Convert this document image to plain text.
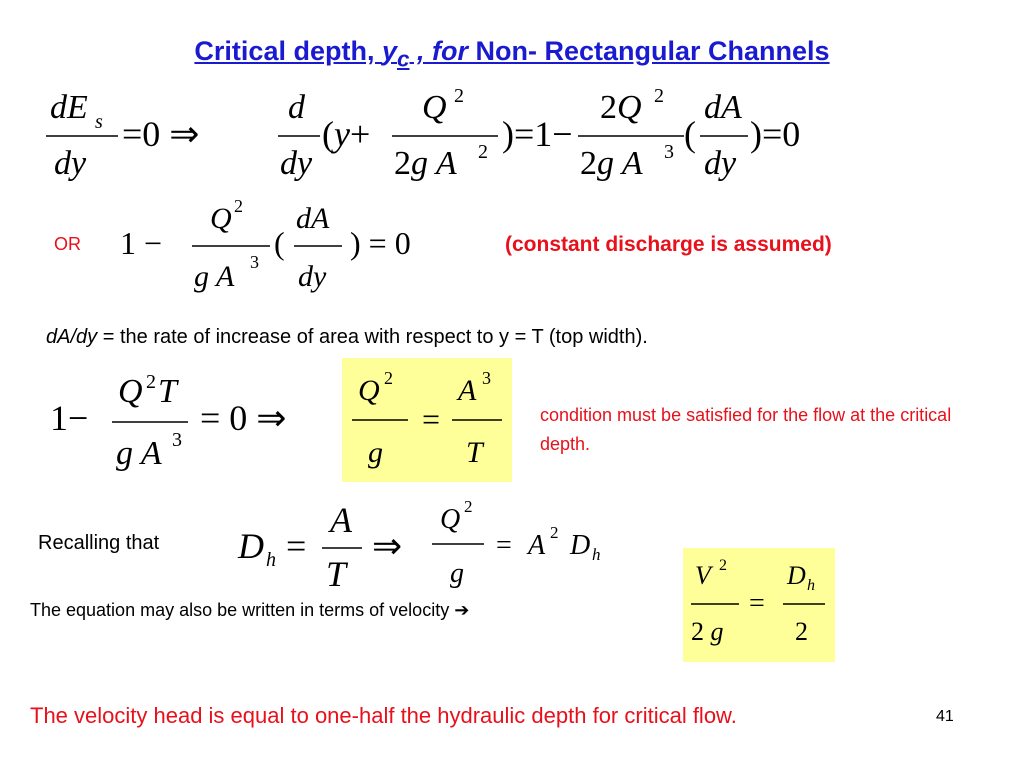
Critical depth, $y_c$ , for Non- Rectangular Channels
dE s
dy
=0 ⇒
d
dy
(y+
Q 2
2g A 2 )=1−
2Q 2
2g A 3 (
dA
dy
)=0
OR 1 −
Q 2
g A 3
(
dA
dy
) = 0	(constant discharge is assumed)
dA/dy = the rate of increase of area with respect to y = T (top width).
1−
Q 2 T
g A 3
= 0 ⇒
Q 2
g
=
A 3
T
condition must be satisfied for the flow at the critical depth.
Recalling that D h =
A
T
⇒
Q 2
g
= A 2 D h
The equation may also be written in terms of velocity ➔
V 2
2 g
=
D h
2
The velocity head is equal to one-half the hydraulic depth for critical flow.	41
